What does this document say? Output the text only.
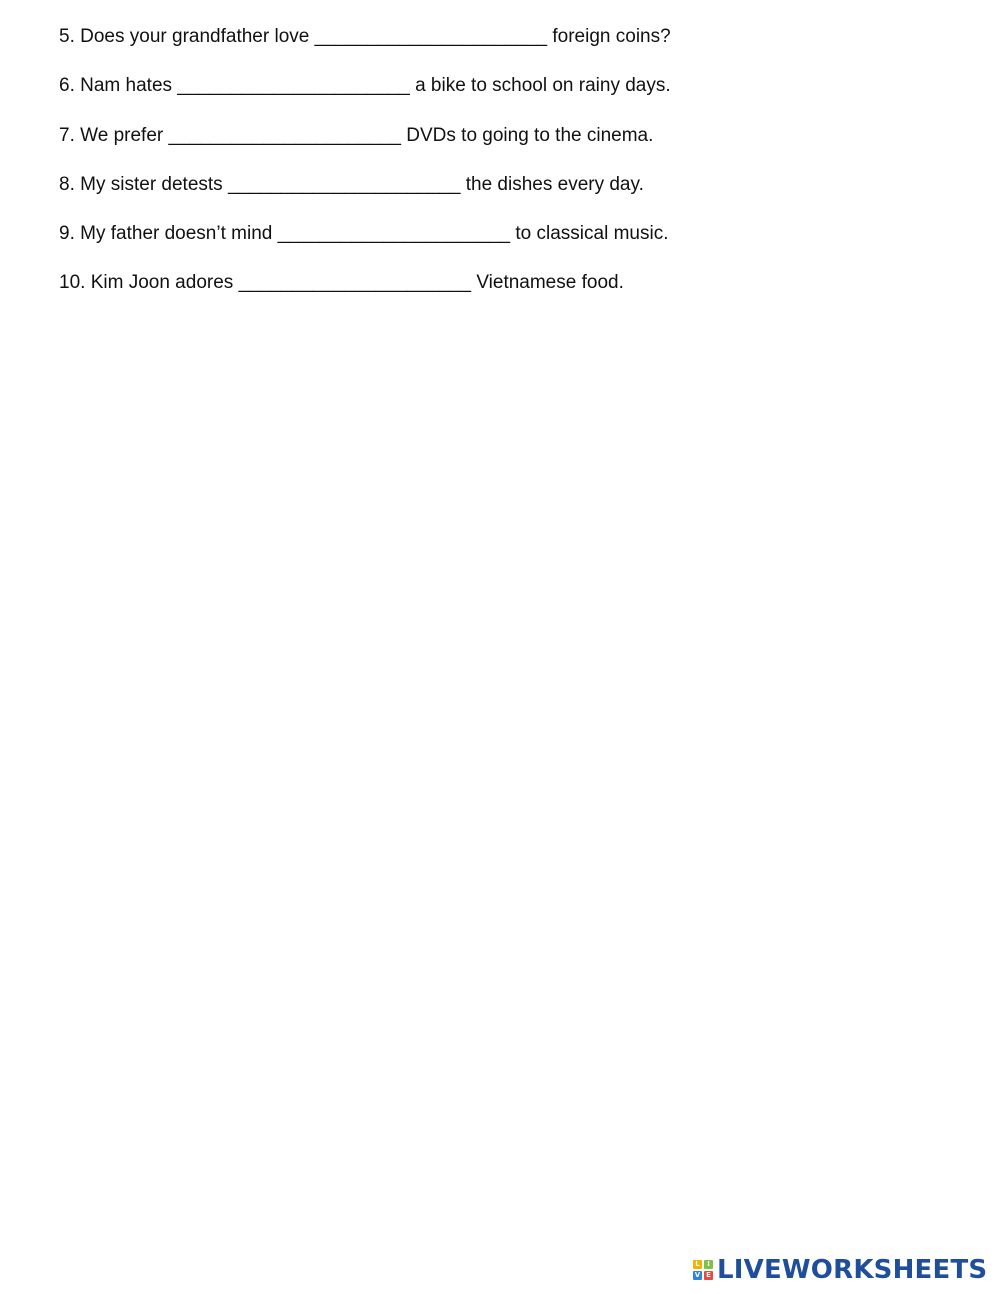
5. Does your grandfather love ______________________ foreign coins?
6. Nam hates ______________________ a bike to school on rainy days.
7. We prefer ______________________ DVDs to going to the cinema.
8. My sister detests ______________________ the dishes every day.
9. My father doesn’t mind ______________________ to classical music.
10. Kim Joon adores ______________________ Vietnamese food.
L	I
V E LIVEWORKSHEETS
